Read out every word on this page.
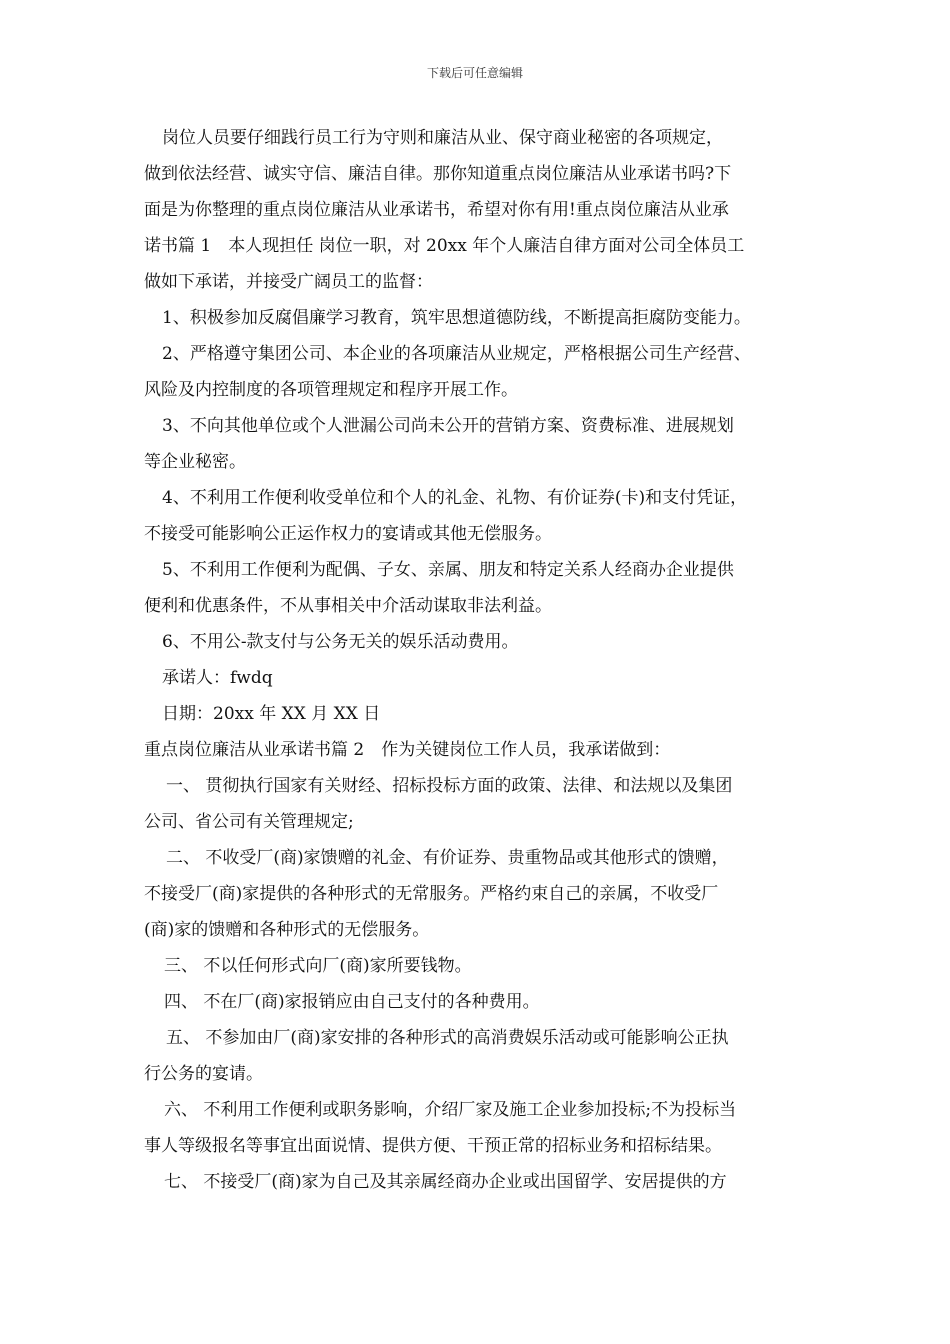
下载后可任意编辑

岗位人员要仔细践行员工行为守则和廉洁从业、保守商业秘密的各项规定，

做到依法经营、诚实守信、廉洁自律。那你知道重点岗位廉洁从业承诺书吗?下

面是为你整理的重点岗位廉洁从业承诺书，希望对你有用!重点岗位廉洁从业承

诺书篇 1　本人现担任 岗位一职，对 20xx 年个人廉洁自律方面对公司全体员工

做如下承诺，并接受广阔员工的监督：

1、积极参加反腐倡廉学习教育，筑牢思想道德防线，不断提高拒腐防变能力。

2、严格遵守集团公司、本企业的各项廉洁从业规定，严格根据公司生产经营、

风险及内控制度的各项管理规定和程序开展工作。

3、不向其他单位或个人泄漏公司尚未公开的营销方案、资费标准、进展规划

等企业秘密。

4、不利用工作便利收受单位和个人的礼金、礼物、有价证券(卡)和支付凭证，

不接受可能影响公正运作权力的宴请或其他无偿服务。

5、不利用工作便利为配偶、子女、亲属、朋友和特定关系人经商办企业提供

便利和优惠条件，不从事相关中介活动谋取非法利益。

6、不用公-款支付与公务无关的娱乐活动费用。

承诺人：fwdq

日期：20xx 年 XX 月 XX 日

重点岗位廉洁从业承诺书篇 2　作为关键岗位工作人员，我承诺做到：

一、 贯彻执行国家有关财经、招标投标方面的政策、法律、和法规以及集团

公司、省公司有关管理规定;

二、 不收受厂(商)家馈赠的礼金、有价证券、贵重物品或其他形式的馈赠，

不接受厂(商)家提供的各种形式的无常服务。严格约束自己的亲属，不收受厂

(商)家的馈赠和各种形式的无偿服务。

三、 不以任何形式向厂(商)家所要钱物。

四、 不在厂(商)家报销应由自己支付的各种费用。

五、 不参加由厂(商)家安排的各种形式的高消费娱乐活动或可能影响公正执

行公务的宴请。

六、 不利用工作便利或职务影响，介绍厂家及施工企业参加投标;不为投标当

事人等级报名等事宜出面说情、提供方便、干预正常的招标业务和招标结果。

七、 不接受厂(商)家为自己及其亲属经商办企业或出国留学、安居提供的方
